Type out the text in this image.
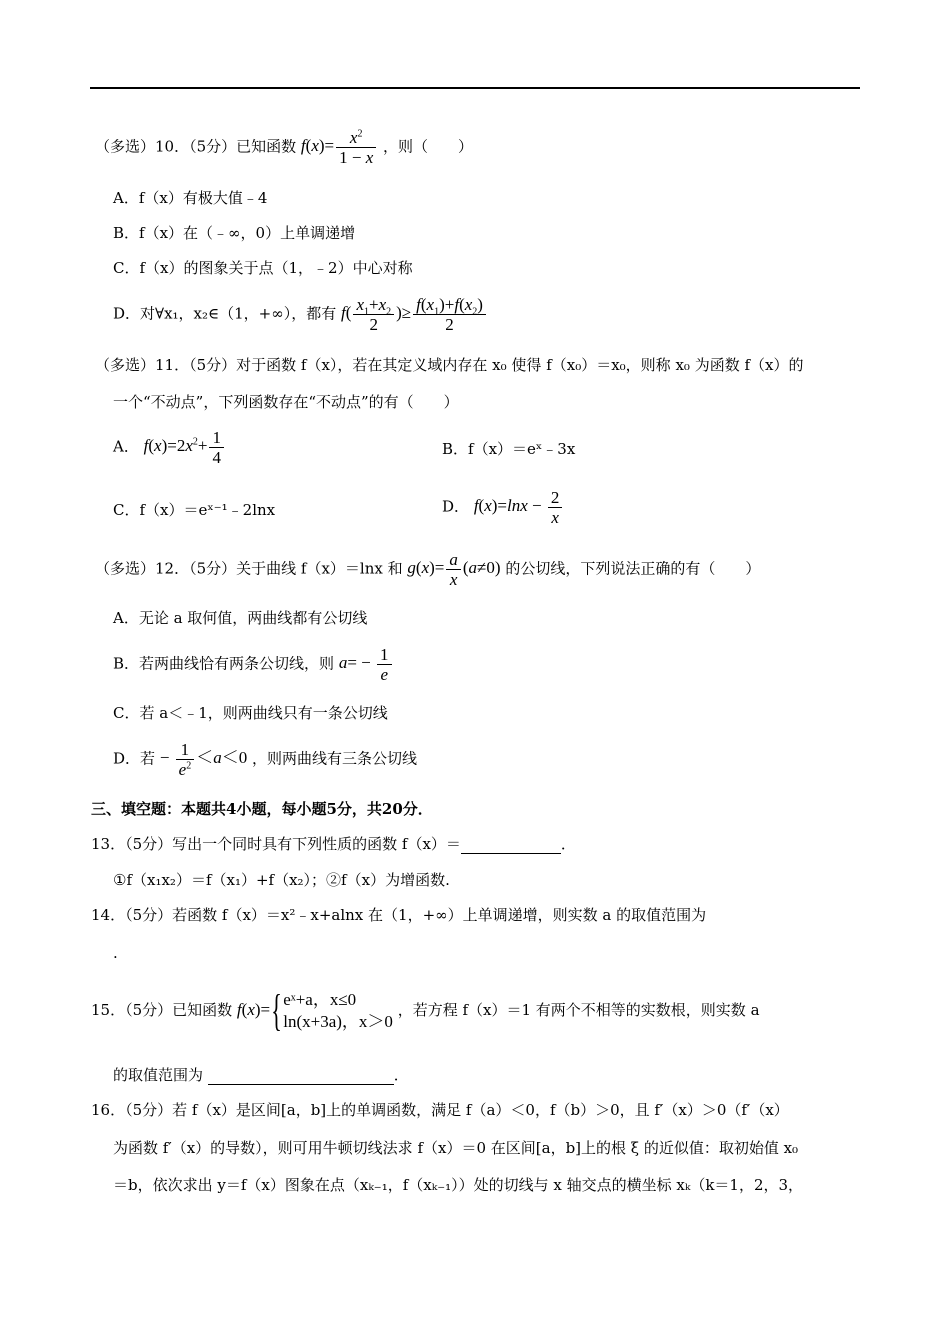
（多选）10．（5分）已知函数 $f(x)= \frac{x^2}{1 - x}$ ，则（　　）
A．f（x）有极大值﹣4
B．f（x）在（﹣∞，0）上单调递增
C．f（x）的图象关于点（1，﹣2）中心对称
D．对∀x₁，x₂∈（1，+∞），都有 $f( \frac{x_1+x_2}{2}$ )≥ $\frac{f(x_1)+f(x_2)}{2}$
（多选）11．（5分）对于函数 f（x），若在其定义域内存在 x₀ 使得 f（x₀）＝x₀，则称 x₀ 为函数 f（x）的
一个“不动点”，下列函数存在“不动点”的有（　　）
A． $f(x)=2x^2+ \frac{1}{4}$	B．f（x）＝eˣ﹣3x
C．f（x）＝eˣ⁻¹﹣2lnx	D． $f(x)=\ln x - \frac{2}{x}$
（多选）12．（5分）关于曲线 f（x）＝lnx 和 $g(x)= \frac{a}{x} (a\ne 0)$ 的公切线，下列说法正确的有（　　）
A．无论 a 取何值，两曲线都有公切线
B．若两曲线恰有两条公切线，则 $a= - \frac{1}{e}$
C．若 a＜﹣1，则两曲线只有一条公切线
D．若 − $\frac{1}{e^2} <a<0$ ，则两曲线有三条公切线
三、填空题：本题共4小题，每小题5分，共20分．
13．（5分）写出一个同时具有下列性质的函数 f（x）＝	．
①f（x₁x₂）＝f（x₁）+f（x₂）；②f（x）为增函数.
14．（5分）若函数 f（x）＝x²﹣x+alnx 在（1，+∞）上单调递增，则实数 a 的取值范围为
.
15．（5分）已知函数 f(x)={ eˣ+a，x≤0
ln(x+3a)，x＞0
，若方程 f（x）＝1 有两个不相等的实数根，则实数 a
的取值范围为	．
16．（5分）若 f（x）是区间[a，b]上的单调函数，满足 f（a）＜0，f（b）＞0，且 f′（x）＞0（f′（x）
为函数 f′（x）的导数），则可用牛顿切线法求 f（x）＝0 在区间[a，b]上的根 ξ 的近似值：取初始值 x₀
＝b，依次求出 y＝f（x）图象在点（xₖ₋₁，f（xₖ₋₁））处的切线与 x 轴交点的横坐标 xₖ（k＝1，2，3，
